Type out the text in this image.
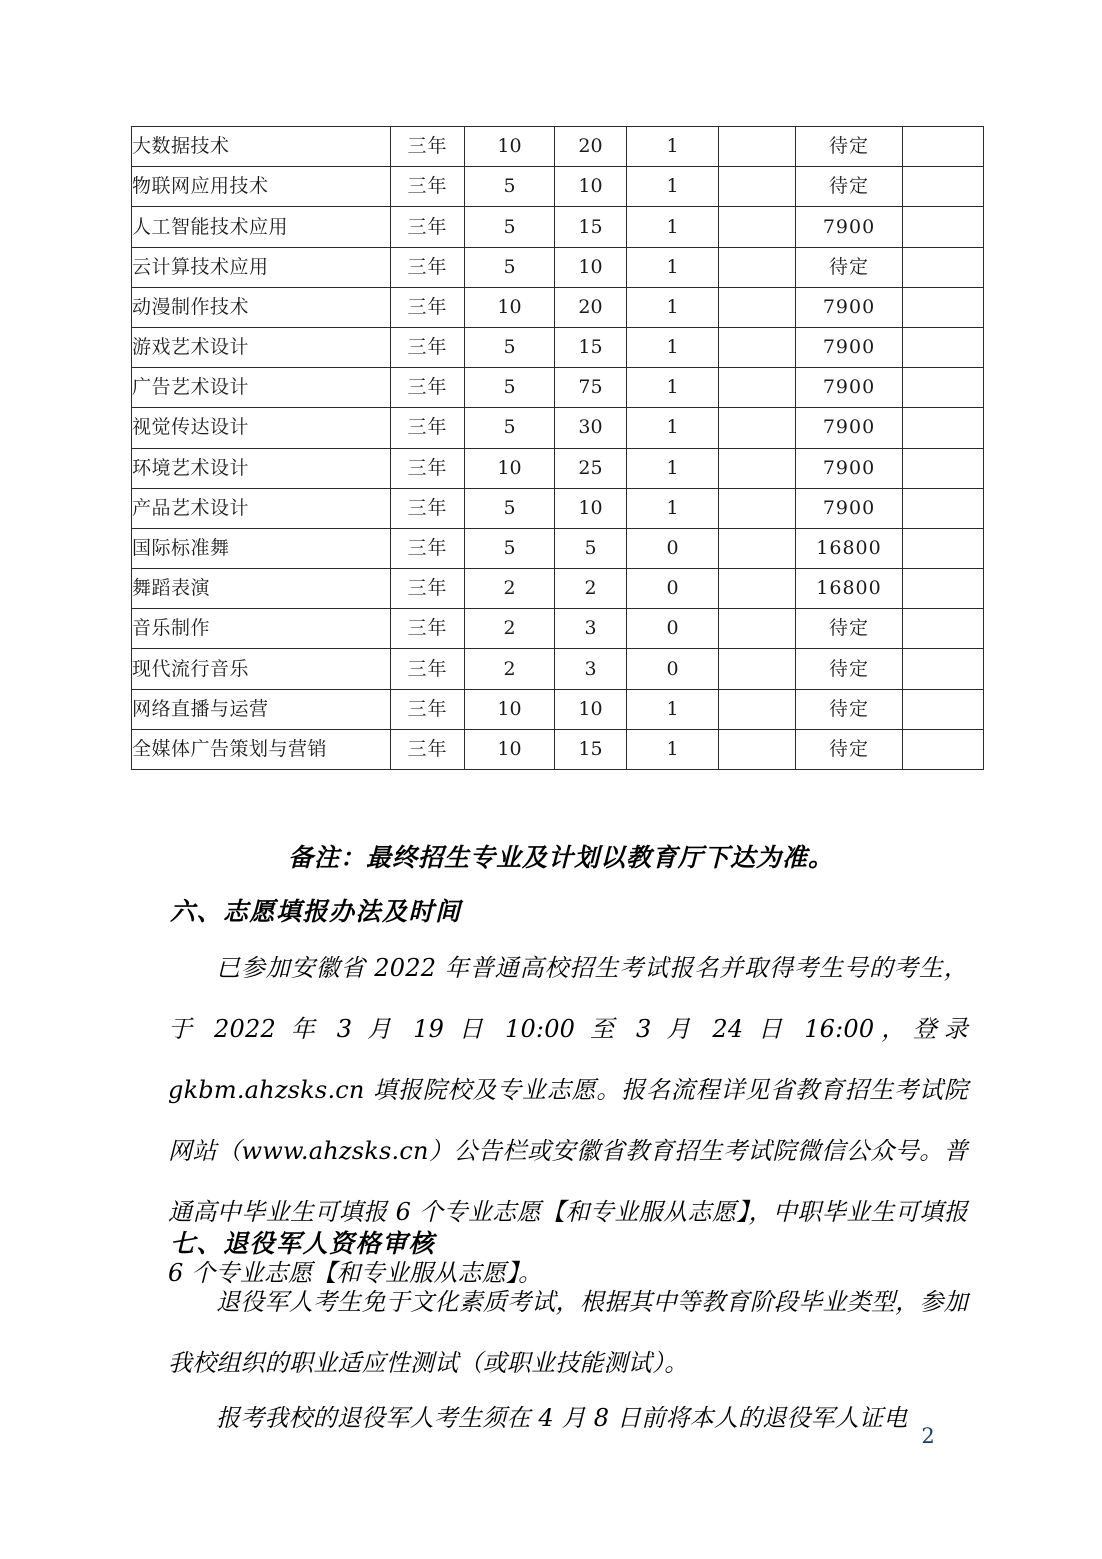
大数据技术	三年	10	20	1		待定	
物联网应用技术	三年	5	10	1		待定	
人工智能技术应用	三年	5	15	1		7900	
云计算技术应用	三年	5	10	1		待定	
动漫制作技术	三年	10	20	1		7900	
游戏艺术设计	三年	5	15	1		7900	
广告艺术设计	三年	5	75	1		7900	
视觉传达设计	三年	5	30	1		7900	
环境艺术设计	三年	10	25	1		7900	
产品艺术设计	三年	5	10	1		7900	
国际标准舞	三年	5	5	0		16800	
舞蹈表演	三年	2	2	0		16800	
音乐制作	三年	2	3	0		待定	
现代流行音乐	三年	2	3	0		待定	
网络直播与运营	三年	10	10	1		待定	
全媒体广告策划与营销	三年	10	15	1		待定	
备注：最终招生专业及计划以教育厅下达为准。
六、志愿填报办法及时间
已参加安徽省 2022 年普通高校招生考试报名并取得考生号的考生，于 2022 年 3 月 19 日 10:00 至 3 月 24 日 16:00，登录 gkbm.ahzsks.cn 填报院校及专业志愿。报名流程详见省教育招生考试院网站（www.ahzsks.cn）公告栏或安徽省教育招生考试院微信公众号。普通高中毕业生可填报 6 个专业志愿【和专业服从志愿】，中职毕业生可填报 6 个专业志愿【和专业服从志愿】。
七、退役军人资格审核
退役军人考生免于文化素质考试，根据其中等教育阶段毕业类型，参加我校组织的职业适应性测试（或职业技能测试）。
报考我校的退役军人考生须在 4 月 8 日前将本人的退役军人证电
2
